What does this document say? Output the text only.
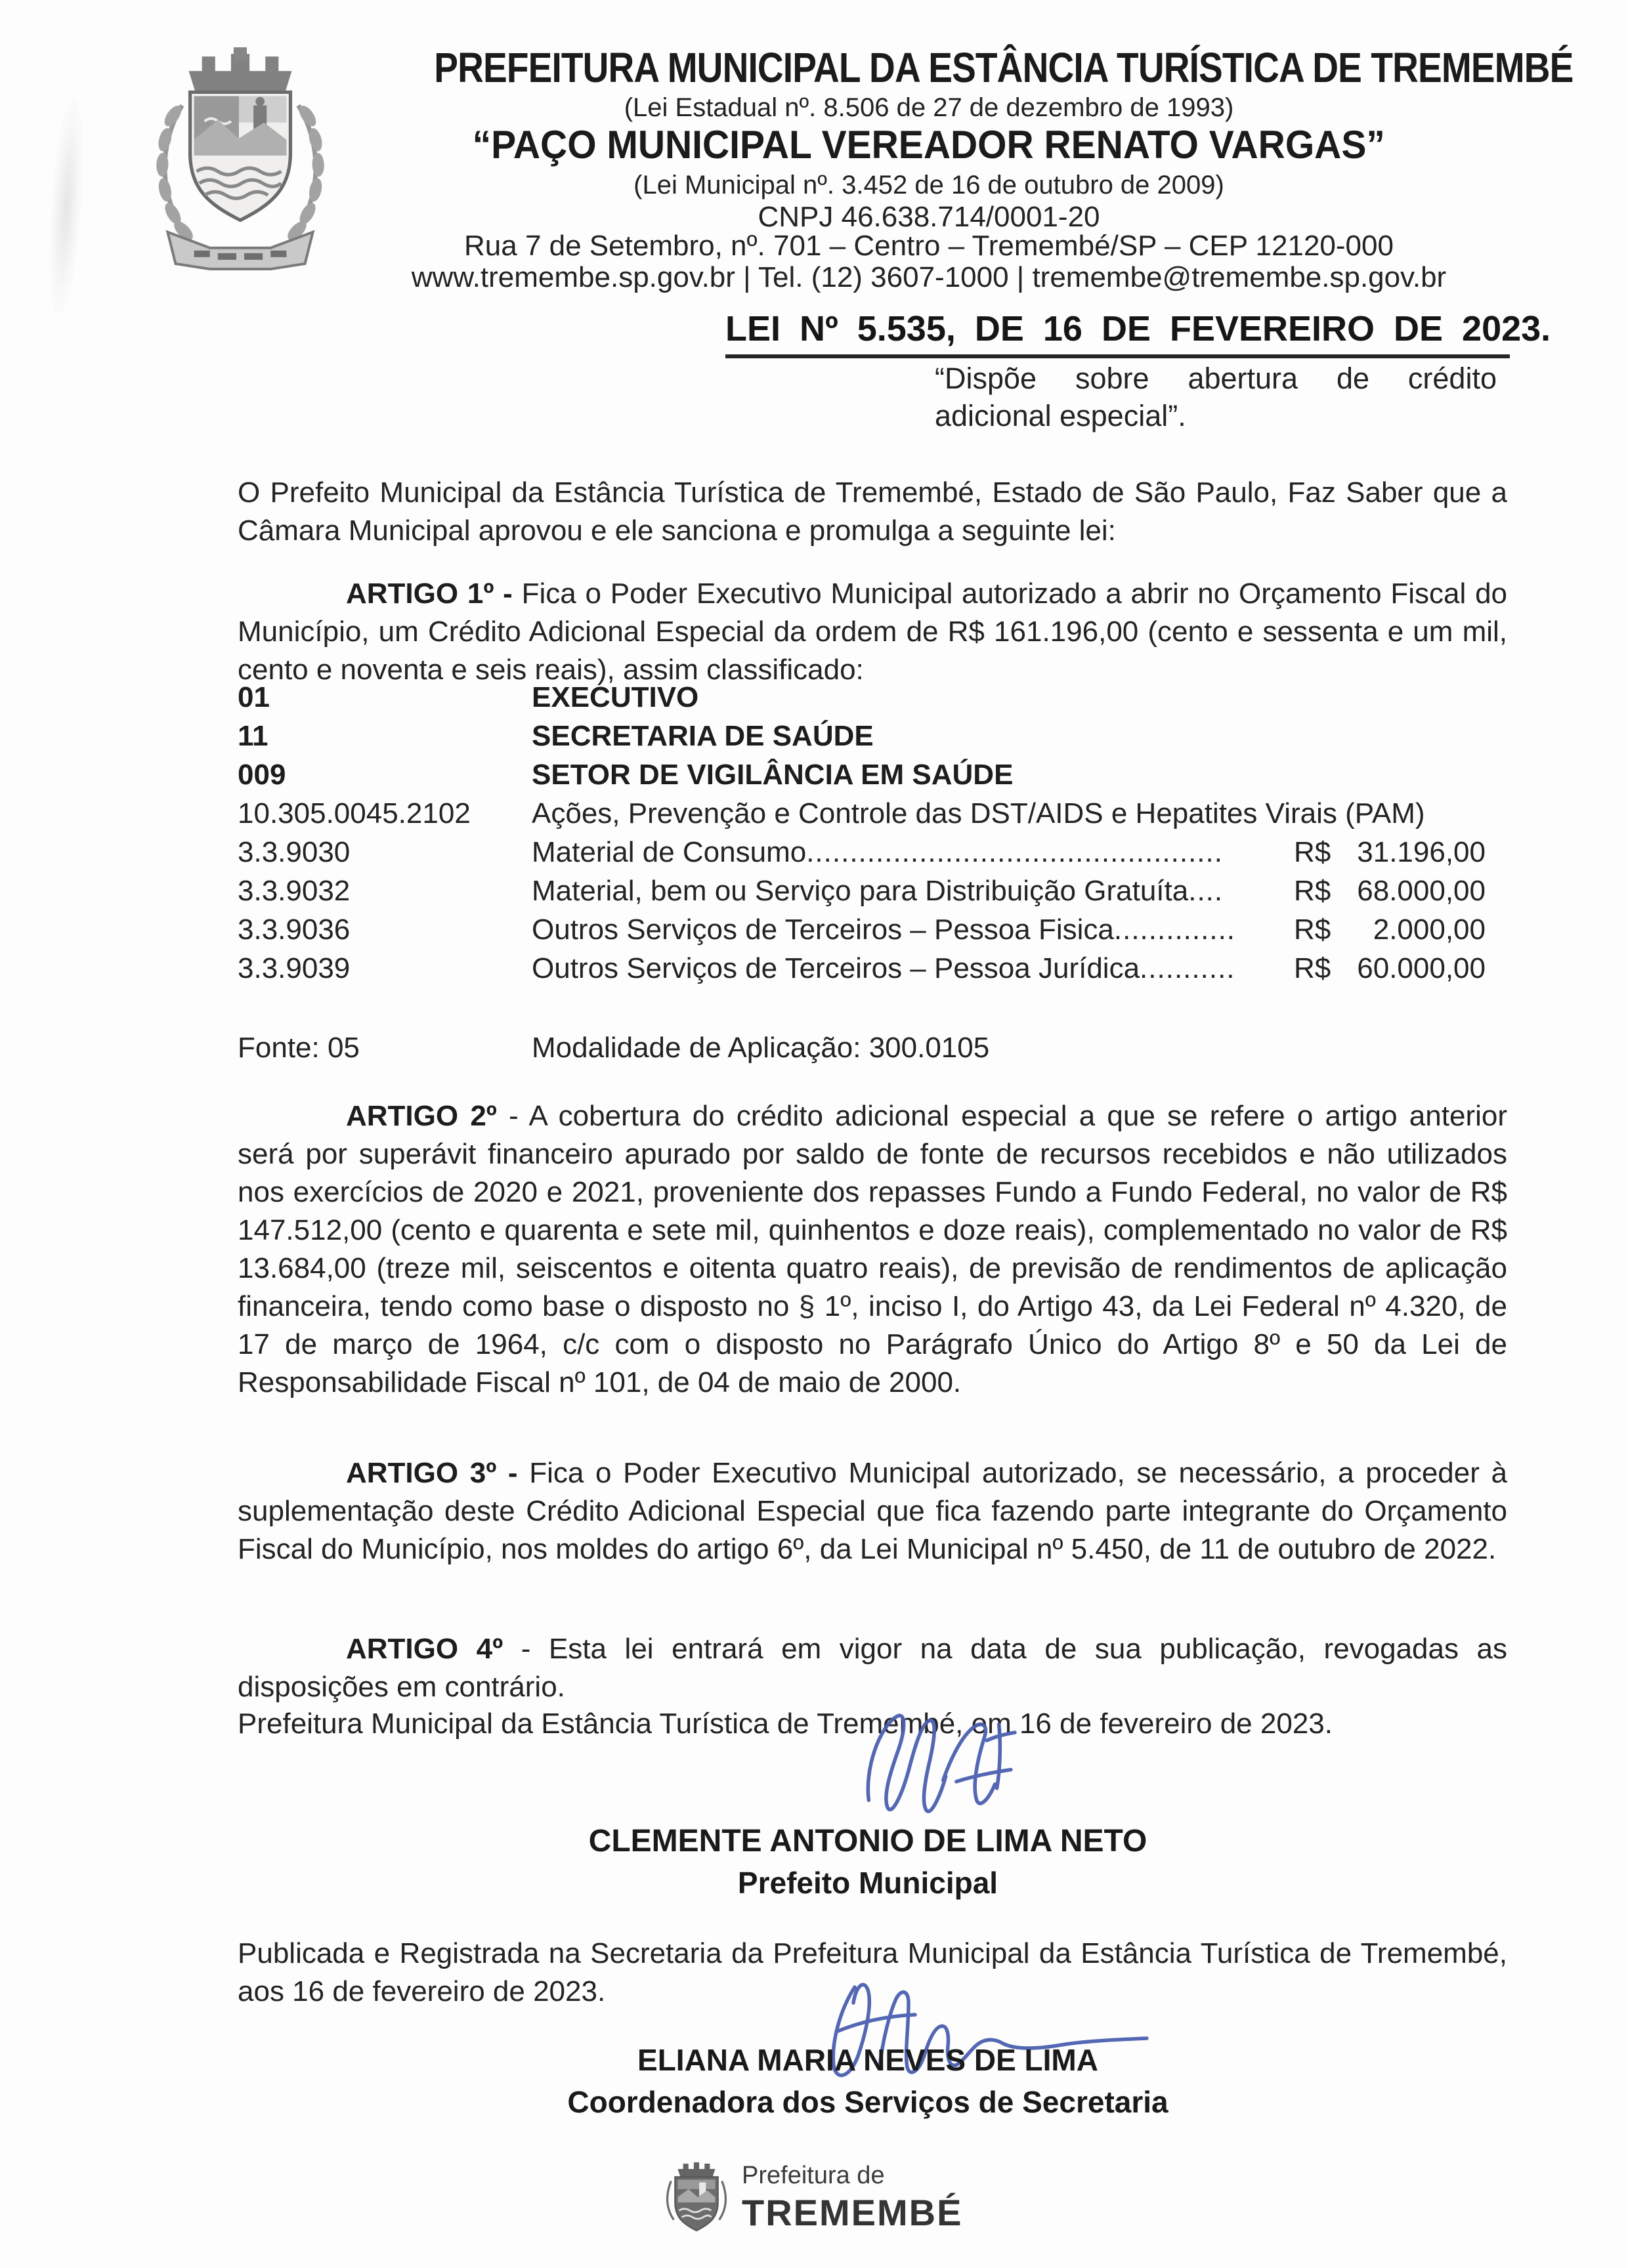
PREFEITURA MUNICIPAL DA ESTÂNCIA TURÍSTICA DE TREMEMBÉ
(Lei Estadual nº. 8.506 de 27 de dezembro de 1993)
“PAÇO MUNICIPAL VEREADOR RENATO VARGAS”
(Lei Municipal nº. 3.452 de 16 de outubro de 2009)
CNPJ 46.638.714/0001-20
Rua 7 de Setembro, nº. 701 – Centro – Tremembé/SP – CEP 12120-000
www.tremembe.sp.gov.br | Tel. (12) 3607-1000 | tremembe@tremembe.sp.gov.br
LEI Nº 5.535, DE 16 DE FEVEREIRO DE 2023.
“Dispõe sobre abertura de crédito adicional especial”.

O Prefeito Municipal da Estância Turística de Tremembé, Estado de São Paulo, Faz Saber que a Câmara Municipal aprovou e ele sanciona e promulga a seguinte lei:

ARTIGO 1º - Fica o Poder Executivo Municipal autorizado a abrir no Orçamento Fiscal do Município, um Crédito Adicional Especial da ordem de R$ 161.196,00 (cento e sessenta e um mil, cento e noventa e seis reais), assim classificado:

01	EXECUTIVO
11	SECRETARIA DE SAÚDE
009	SETOR DE VIGILÂNCIA EM SAÚDE
10.305.0045.2102	Ações, Prevenção e Controle das DST/AIDS e Hepatites Virais (PAM)
3.3.9030	Material de Consumo................................................ R$ 31.196,00
3.3.9032	Material, bem ou Serviço para Distribuição Gratuíta.... R$ 68.000,00
3.3.9036	Outros Serviços de Terceiros – Pessoa Fisica.............. R$ 2.000,00
3.3.9039	Outros Serviços de Terceiros – Pessoa Jurídica........... R$ 60.000,00
Fonte: 05	Modalidade de Aplicação: 300.0105

ARTIGO 2º - A cobertura do crédito adicional especial a que se refere o artigo anterior será por superávit financeiro apurado por saldo de fonte de recursos recebidos e não utilizados nos exercícios de 2020 e 2021, proveniente dos repasses Fundo a Fundo Federal, no valor de R$ 147.512,00 (cento e quarenta e sete mil, quinhentos e doze reais), complementado no valor de R$ 13.684,00 (treze mil, seiscentos e oitenta quatro reais), de previsão de rendimentos de aplicação financeira, tendo como base o disposto no § 1º, inciso I, do Artigo 43, da Lei Federal nº 4.320, de 17 de março de 1964, c/c com o disposto no Parágrafo Único do Artigo 8º e 50 da Lei de Responsabilidade Fiscal nº 101, de 04 de maio de 2000.

ARTIGO 3º - Fica o Poder Executivo Municipal autorizado, se necessário, a proceder à suplementação deste Crédito Adicional Especial que fica fazendo parte integrante do Orçamento Fiscal do Município, nos moldes do artigo 6º, da Lei Municipal nº 5.450, de 11 de outubro de 2022.

ARTIGO 4º - Esta lei entrará em vigor na data de sua publicação, revogadas as disposições em contrário.

Prefeitura Municipal da Estância Turística de Tremembé, em 16 de fevereiro de 2023.

CLEMENTE ANTONIO DE LIMA NETO
Prefeito Municipal

Publicada e Registrada na Secretaria da Prefeitura Municipal da Estância Turística de Tremembé, aos 16 de fevereiro de 2023.

ELIANA MARIA NEVES DE LIMA
Coordenadora dos Serviços de Secretaria
Prefeitura de
TREMEMBÉ
